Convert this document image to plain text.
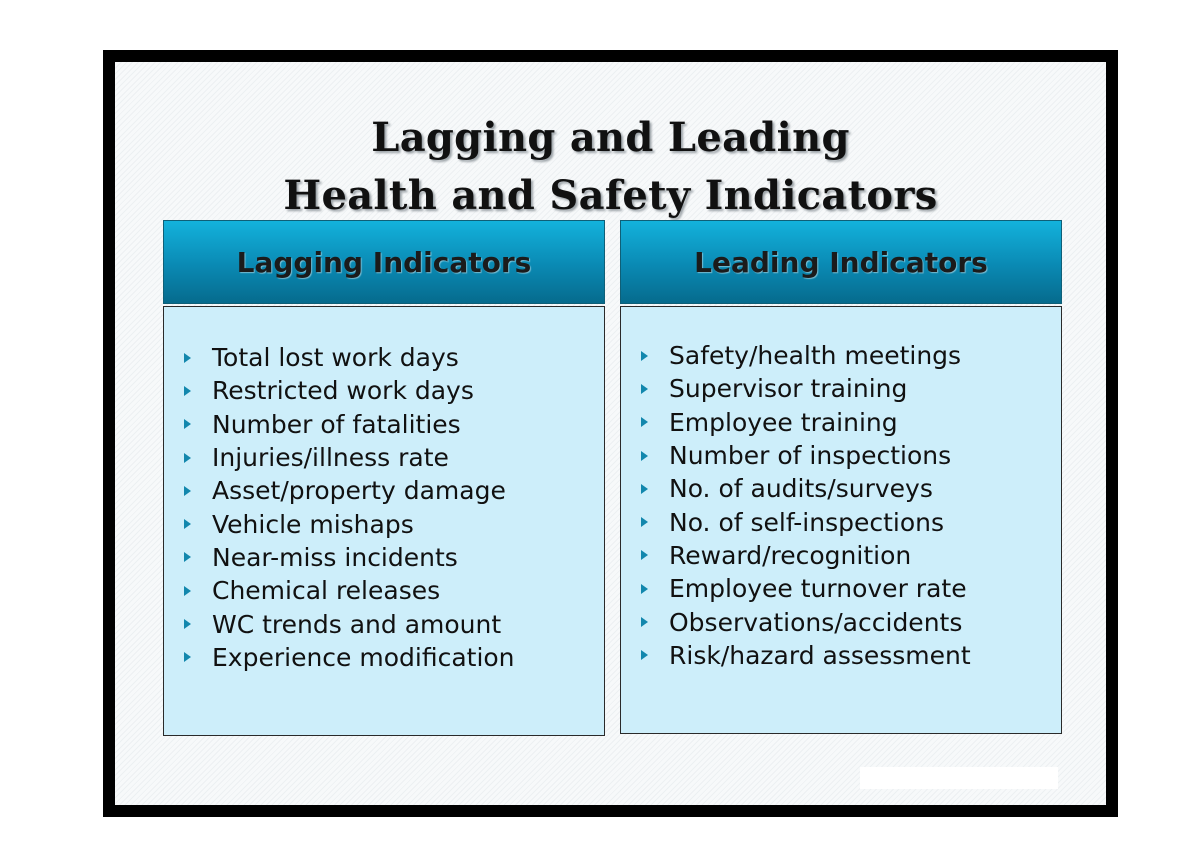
Lagging and Leading
Health and Safety Indicators
Lagging Indicators	Leading Indicators
Total lost work days
Restricted work days
Number of fatalities
Injuries/illness rate
Asset/property damage
Vehicle mishaps
Near-miss incidents
Chemical releases
WC trends and amount
Experience modification
Safety/health meetings
Supervisor training
Employee training
Number of inspections
No. of audits/surveys
No. of self-inspections
Reward/recognition
Employee turnover rate
Observations/accidents
Risk/hazard assessment
